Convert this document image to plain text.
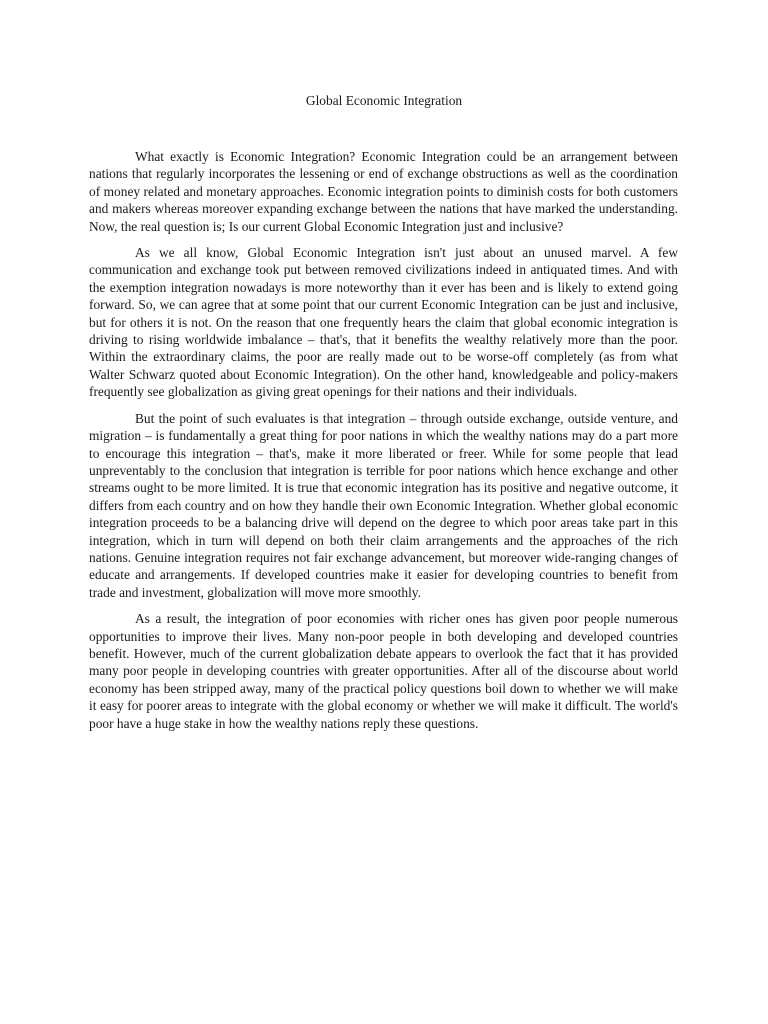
Global Economic Integration

What exactly is Economic Integration? Economic Integration could be an arrangement between nations that regularly incorporates the lessening or end of exchange obstructions as well as the coordination of money related and monetary approaches. Economic integration points to diminish costs for both customers and makers whereas moreover expanding exchange between the nations that have marked the understanding. Now, the real question is; Is our current Global Economic Integration just and inclusive?

As we all know, Global Economic Integration isn't just about an unused marvel. A few communication and exchange took put between removed civilizations indeed in antiquated times. And with the exemption integration nowadays is more noteworthy than it ever has been and is likely to extend going forward. So, we can agree that at some point that our current Economic Integration can be just and inclusive, but for others it is not. On the reason that one frequently hears the claim that global economic integration is driving to rising worldwide imbalance – that's, that it benefits the wealthy relatively more than the poor. Within the extraordinary claims, the poor are really made out to be worse-off completely (as from what Walter Schwarz quoted about Economic Integration). On the other hand, knowledgeable and policy-makers frequently see globalization as giving great openings for their nations and their individuals.

But the point of such evaluates is that integration – through outside exchange, outside venture, and migration – is fundamentally a great thing for poor nations in which the wealthy nations may do a part more to encourage this integration – that's, make it more liberated or freer. While for some people that lead unpreventably to the conclusion that integration is terrible for poor nations which hence exchange and other streams ought to be more limited. It is true that economic integration has its positive and negative outcome, it differs from each country and on how they handle their own Economic Integration. Whether global economic integration proceeds to be a balancing drive will depend on the degree to which poor areas take part in this integration, which in turn will depend on both their claim arrangements and the approaches of the rich nations. Genuine integration requires not fair exchange advancement, but moreover wide-ranging changes of educate and arrangements. If developed countries make it easier for developing countries to benefit from trade and investment, globalization will move more smoothly.

As a result, the integration of poor economies with richer ones has given poor people numerous opportunities to improve their lives. Many non-poor people in both developing and developed countries benefit. However, much of the current globalization debate appears to overlook the fact that it has provided many poor people in developing countries with greater opportunities. After all of the discourse about world economy has been stripped away, many of the practical policy questions boil down to whether we will make it easy for poorer areas to integrate with the global economy or whether we will make it difficult. The world's poor have a huge stake in how the wealthy nations reply these questions.
